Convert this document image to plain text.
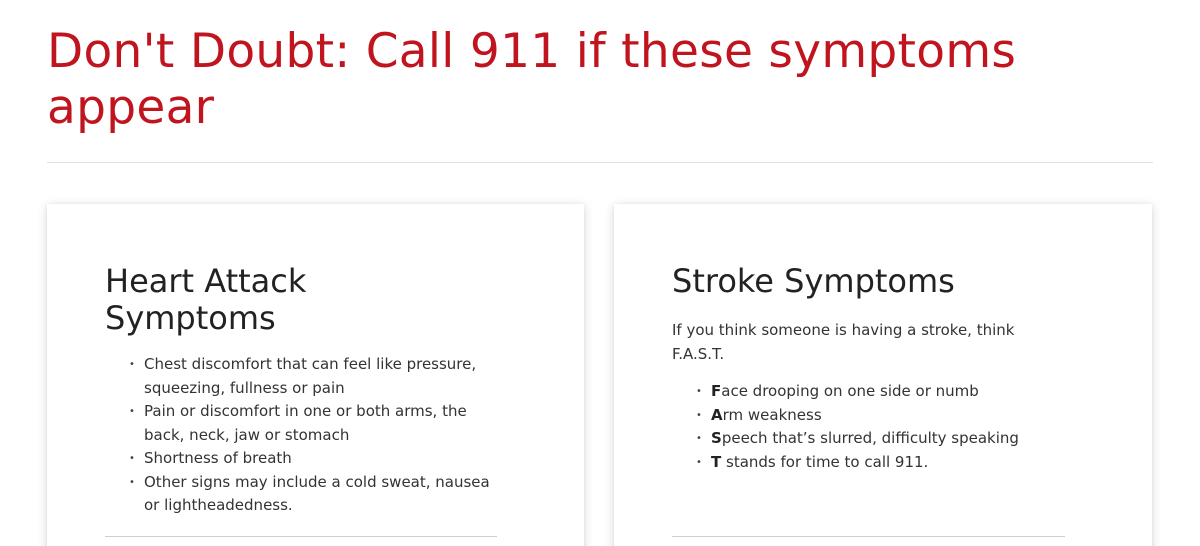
Don't Doubt: Call 911 if these symptoms appear
Heart Attack Symptoms
• Chest discomfort that can feel like pressure, squeezing, fullness or pain
• Pain or discomfort in one or both arms, the back, neck, jaw or stomach
• Shortness of breath
• Other signs may include a cold sweat, nausea or lightheadedness.
Stroke Symptoms

If you think someone is having a stroke, think F.A.S.T.

• Face drooping on one side or numb
• Arm weakness
• Speech that’s slurred, difficulty speaking
• T stands for time to call 911.
